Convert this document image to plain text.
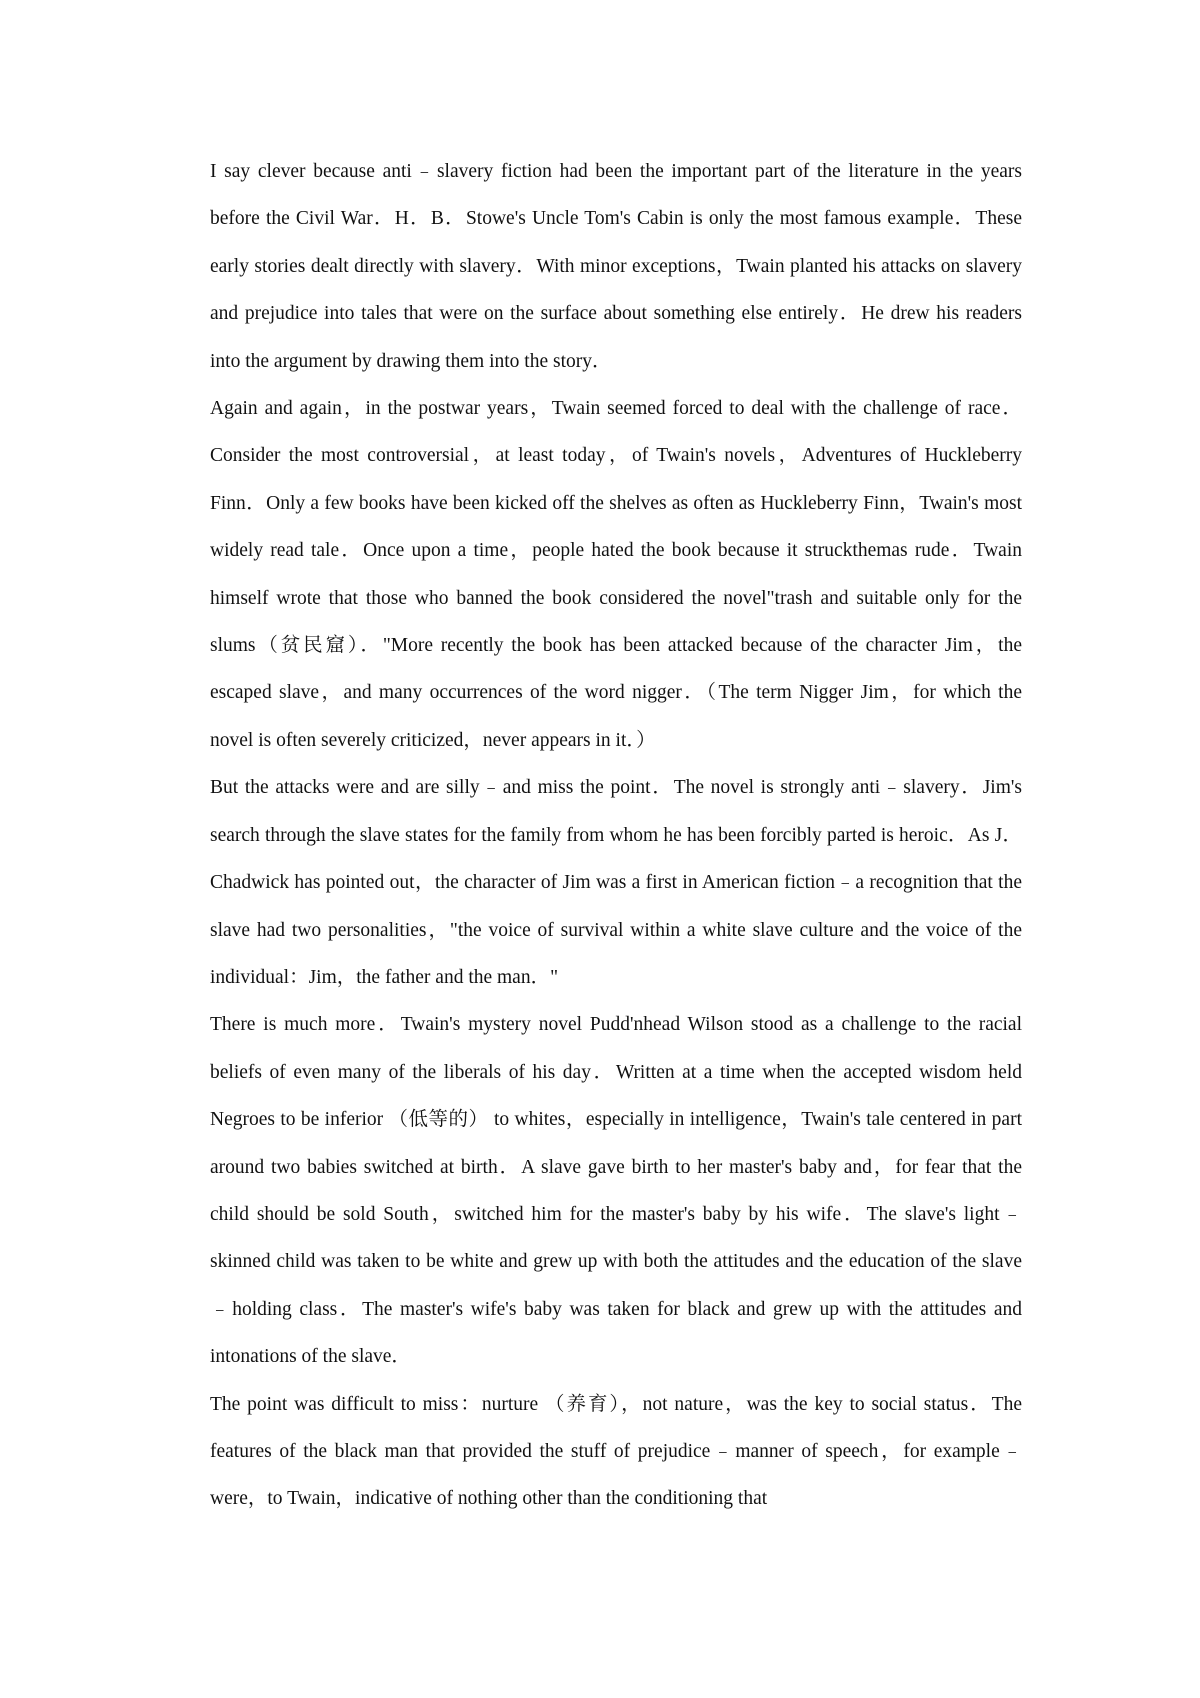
I say clever because anti﹣slavery fiction had been the important part of the literature in the years before the Civil War．H．B．Stowe's Uncle Tom's Cabin is only the most famous example．These early stories dealt directly with slavery．With minor exceptions，Twain planted his attacks on slavery and prejudice into tales that were on the surface about something else entirely．He drew his readers into the argument by drawing them into the story．

Again and again，in the postwar years，Twain seemed forced to deal with the challenge of race．Consider the most controversial，at least today，of Twain's novels，Adventures of Huckleberry Finn．Only a few books have been kicked off the shelves as often as Huckleberry Finn，Twain's most widely read tale．Once upon a time，people hated the book because it struckthemas rude．Twain himself wrote that those who banned the book considered the novel"trash and suitable only for the slums（贫民窟）．"More recently the book has been attacked because of the character Jim，the escaped slave，and many occurrences of the word nigger．（The term Nigger Jim，for which the novel is often severely criticized，never appears in it．）

But the attacks were and are silly﹣and miss the point．The novel is strongly anti﹣slavery．Jim's search through the slave states for the family from whom he has been forcibly parted is heroic．As J．Chadwick has pointed out，the character of Jim was a first in American fiction﹣a recognition that the slave had two personalities，"the voice of survival within a white slave culture and the voice of the individual：Jim，the father and the man．"

There is much more．Twain's mystery novel Pudd'nhead Wilson stood as a challenge to the racial beliefs of even many of the liberals of his day．Written at a time when the accepted wisdom held Negroes to be inferior （低等的） to whites，especially in intelligence，Twain's tale centered in part around two babies switched at birth．A slave gave birth to her master's baby and，for fear that the child should be sold South，switched him for the master's baby by his wife．The slave's light﹣skinned child was taken to be white and grew up with both the attitudes and the education of the slave﹣holding class．The master's wife's baby was taken for black and grew up with the attitudes and intonations of the slave．

The point was difficult to miss：nurture （养育），not nature，was the key to social status．The features of the black man that provided the stuff of prejudice﹣manner of speech，for example﹣were，to Twain，indicative of nothing other than the conditioning that
